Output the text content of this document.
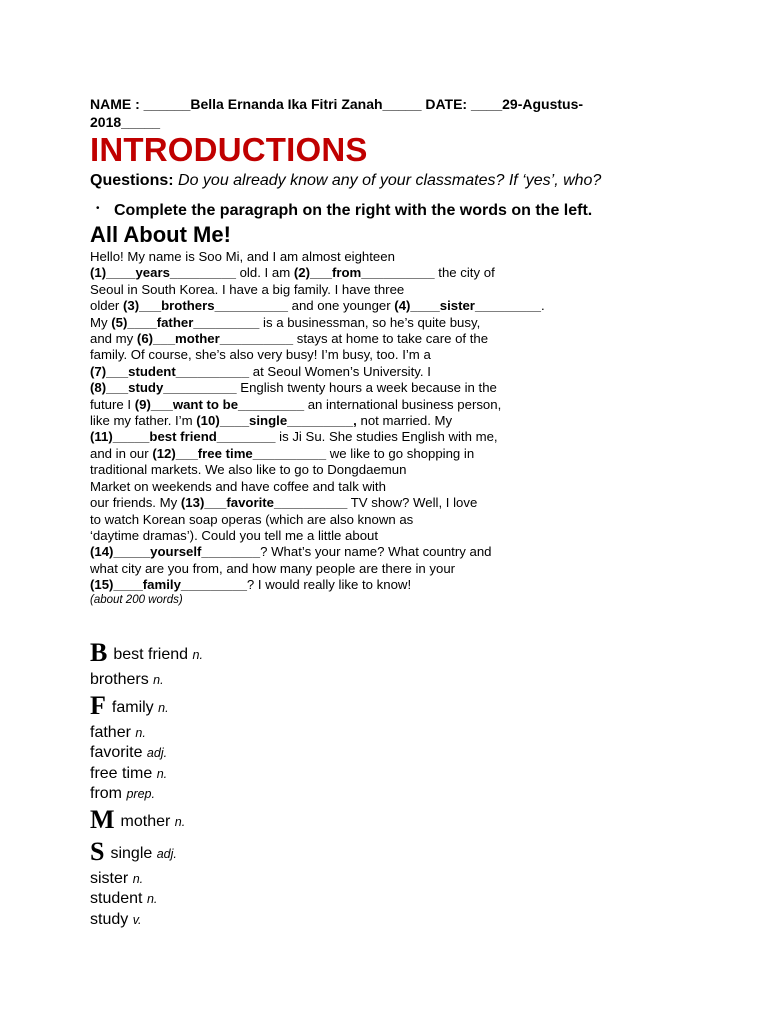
NAME : ______Bella Ernanda Ika Fitri Zanah_____ DATE: ____29-Agustus-2018_____
INTRODUCTIONS
Questions: Do you already know any of your classmates? If ‘yes’, who?
• Complete the paragraph on the right with the words on the left.
All About Me!
Hello! My name is Soo Mi, and I am almost eighteen
(1)____years_________ old. I am (2)___from__________ the city of
Seoul in South Korea. I have a big family. I have three
older (3)___brothers__________ and one younger (4)____sister_________.
My (5)____father_________ is a businessman, so he’s quite busy,
and my (6)___mother__________ stays at home to take care of the
family. Of course, she’s also very busy! I’m busy, too. I’m a
(7)___student__________ at Seoul Women’s University. I
(8)___study__________ English twenty hours a week because in the
future I (9)___want to be_________ an international business person,
like my father. I’m (10)____single_________, not married. My
(11)_____best friend________ is Ji Su. She studies English with me,
and in our (12)___free time__________ we like to go shopping in
traditional markets. We also like to go to Dongdaemun
Market on weekends and have coffee and talk with
our friends. My (13)___favorite__________ TV show? Well, I love
to watch Korean soap operas (which are also known as
‘daytime dramas’). Could you tell me a little about
(14)_____yourself________? What’s your name? What country and
what city are you from, and how many people are there in your
(15)____family_________? I would really like to know!
(about 200 words)
Bbest friend n.
brothers n.
Ffamily n.
father n.
favorite adj.
free time n.
from prep.
Mmother n.
Ssingle adj.
sister n.
student n.
study v.
